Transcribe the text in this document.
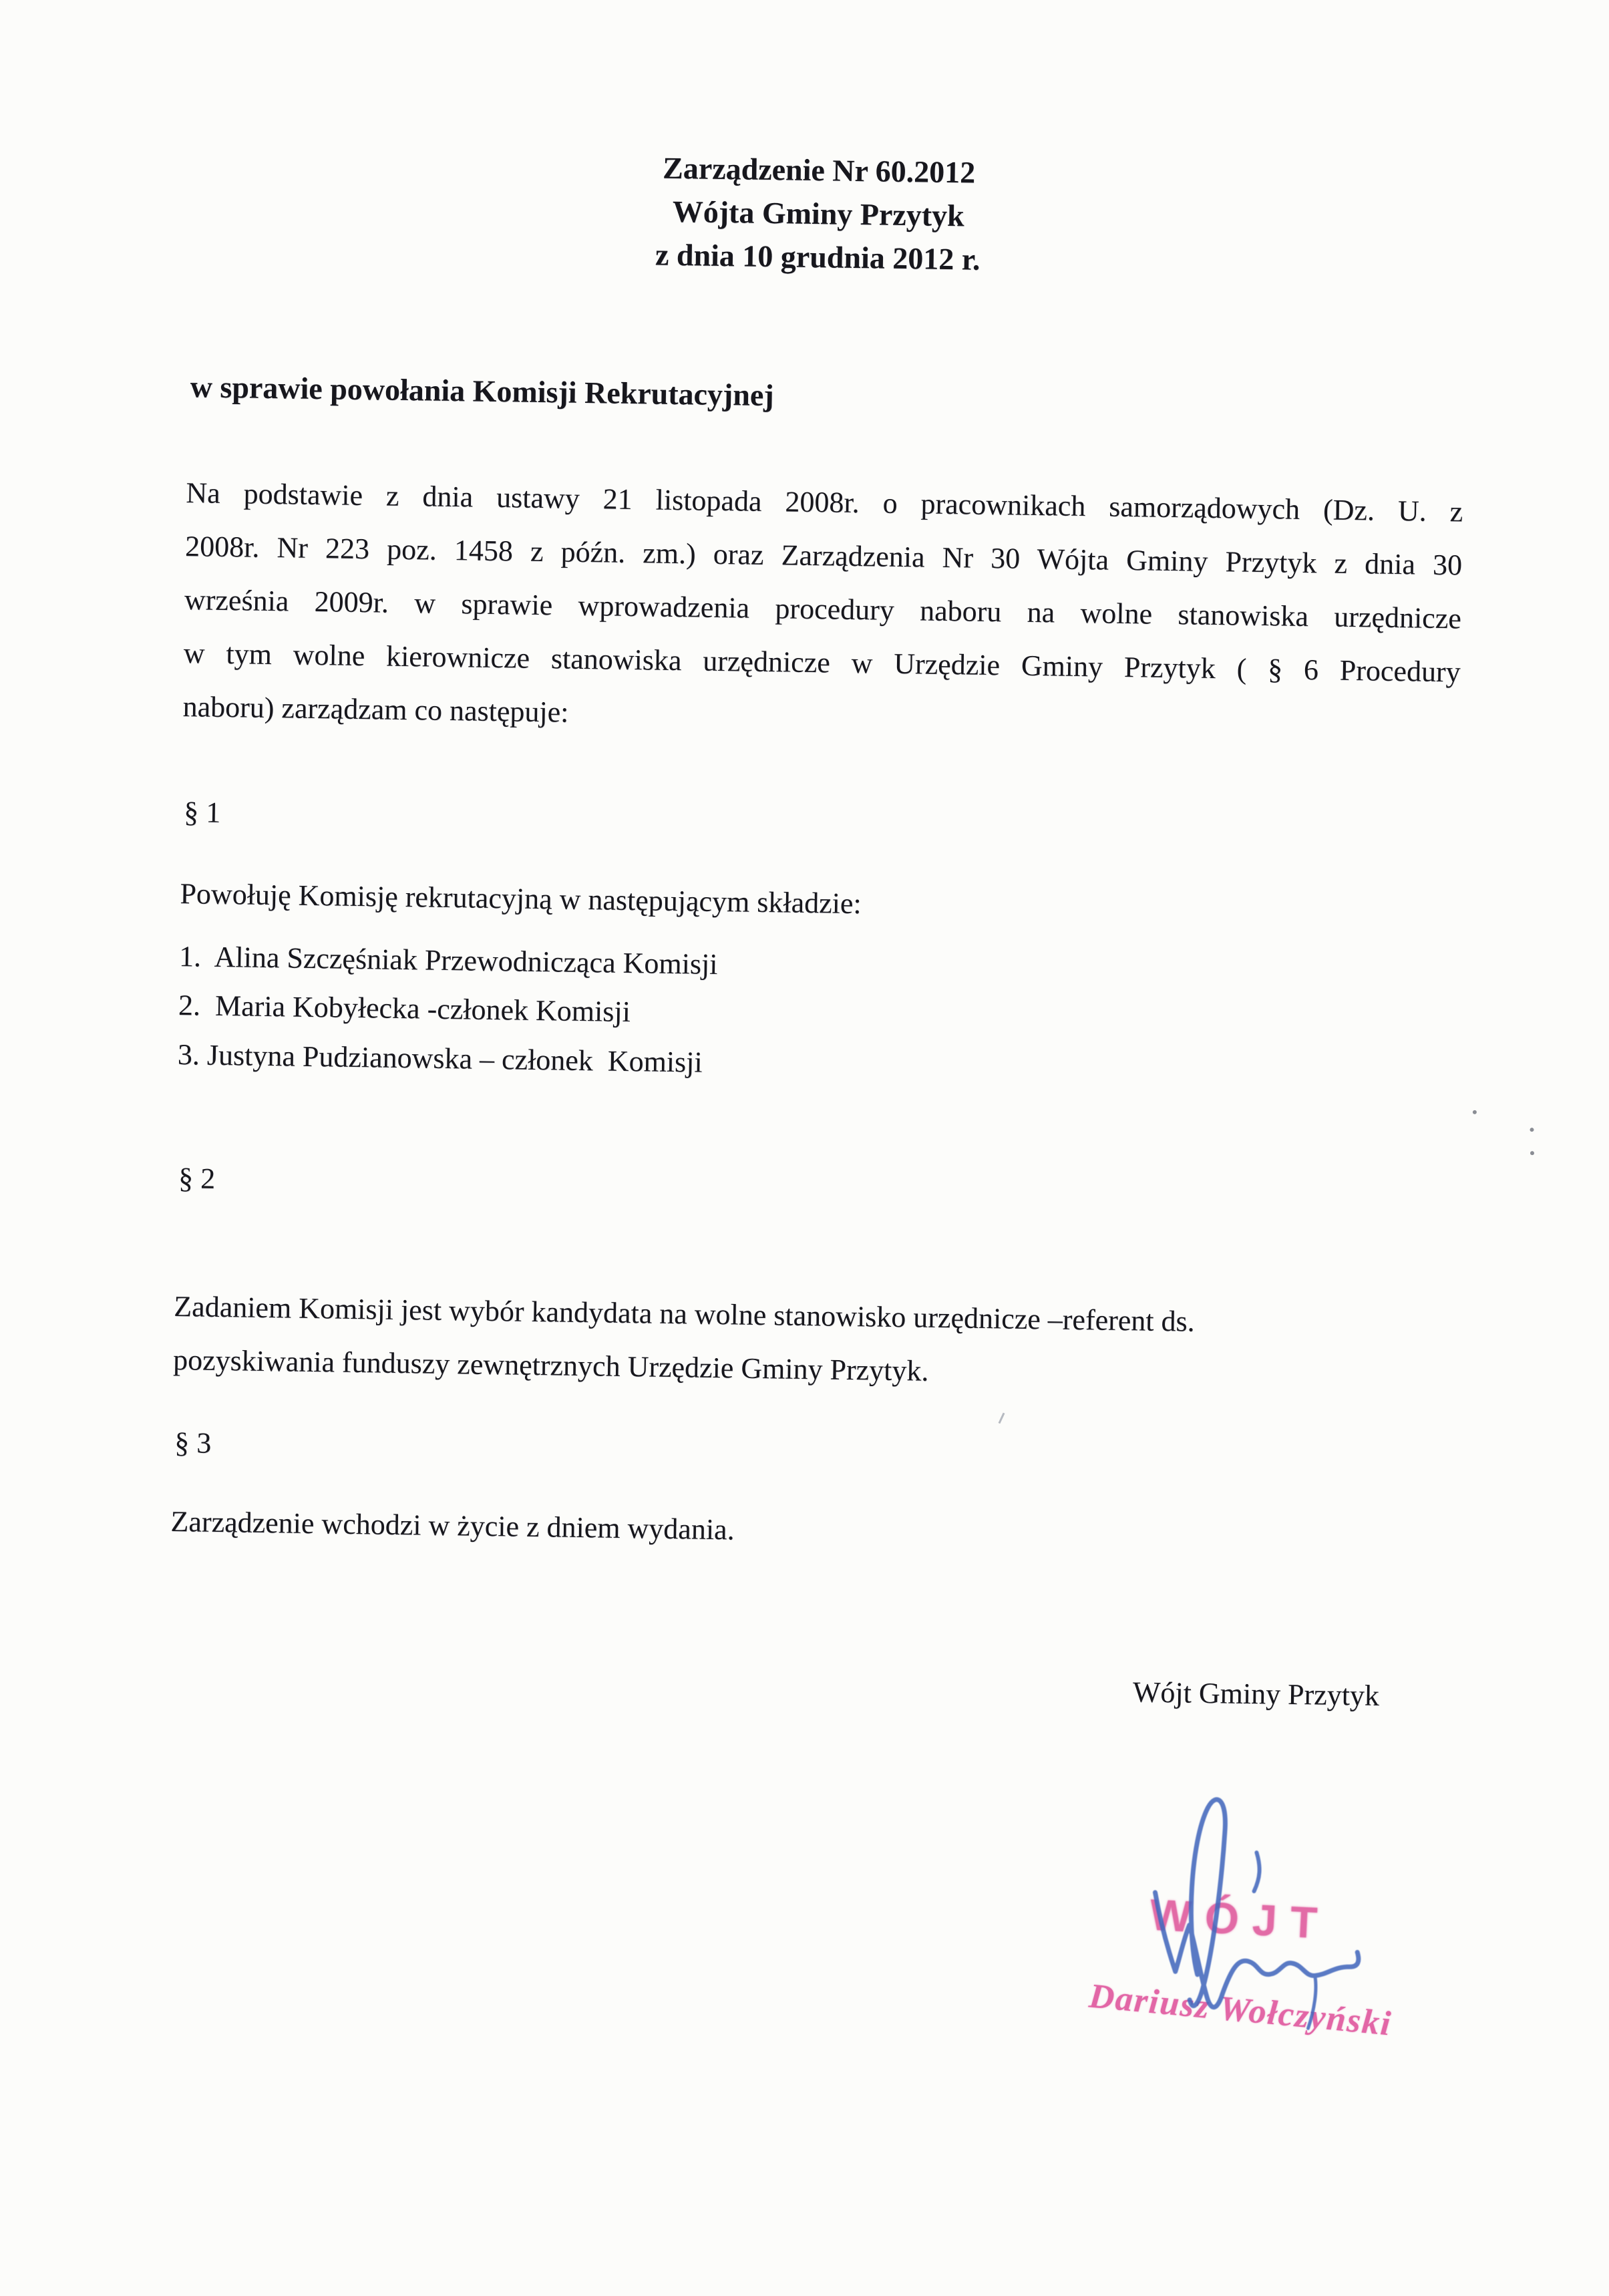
Zarządzenie Nr 60.2012
Wójta Gminy Przytyk
z dnia 10 grudnia 2012 r.
w sprawie powołania Komisji Rekrutacyjnej
Na podstawie z dnia ustawy 21 listopada 2008r. o pracownikach samorządowych (Dz. U. z
2008r. Nr 223 poz. 1458 z późn. zm.) oraz Zarządzenia Nr 30 Wójta Gminy Przytyk z dnia 30
września 2009r. w sprawie wprowadzenia procedury naboru na wolne stanowiska urzędnicze
w tym wolne kierownicze stanowiska urzędnicze w Urzędzie Gminy Przytyk ( § 6 Procedury
naboru) zarządzam co następuje:
§ 1
Powołuję Komisję rekrutacyjną w następującym składzie:
1.  Alina Szczęśniak Przewodnicząca Komisji
2.  Maria Kobyłecka -członek Komisji
3. Justyna Pudzianowska – członek  Komisji
§ 2
Zadaniem Komisji jest wybór kandydata na wolne stanowisko urzędnicze –referent ds.
pozyskiwania funduszy zewnętrznych Urzędzie Gminy Przytyk.
§ 3
Zarządzenie wchodzi w życie z dniem wydania.
Wójt Gminy Przytyk
WÓJT
Dariusz Wołczyński
